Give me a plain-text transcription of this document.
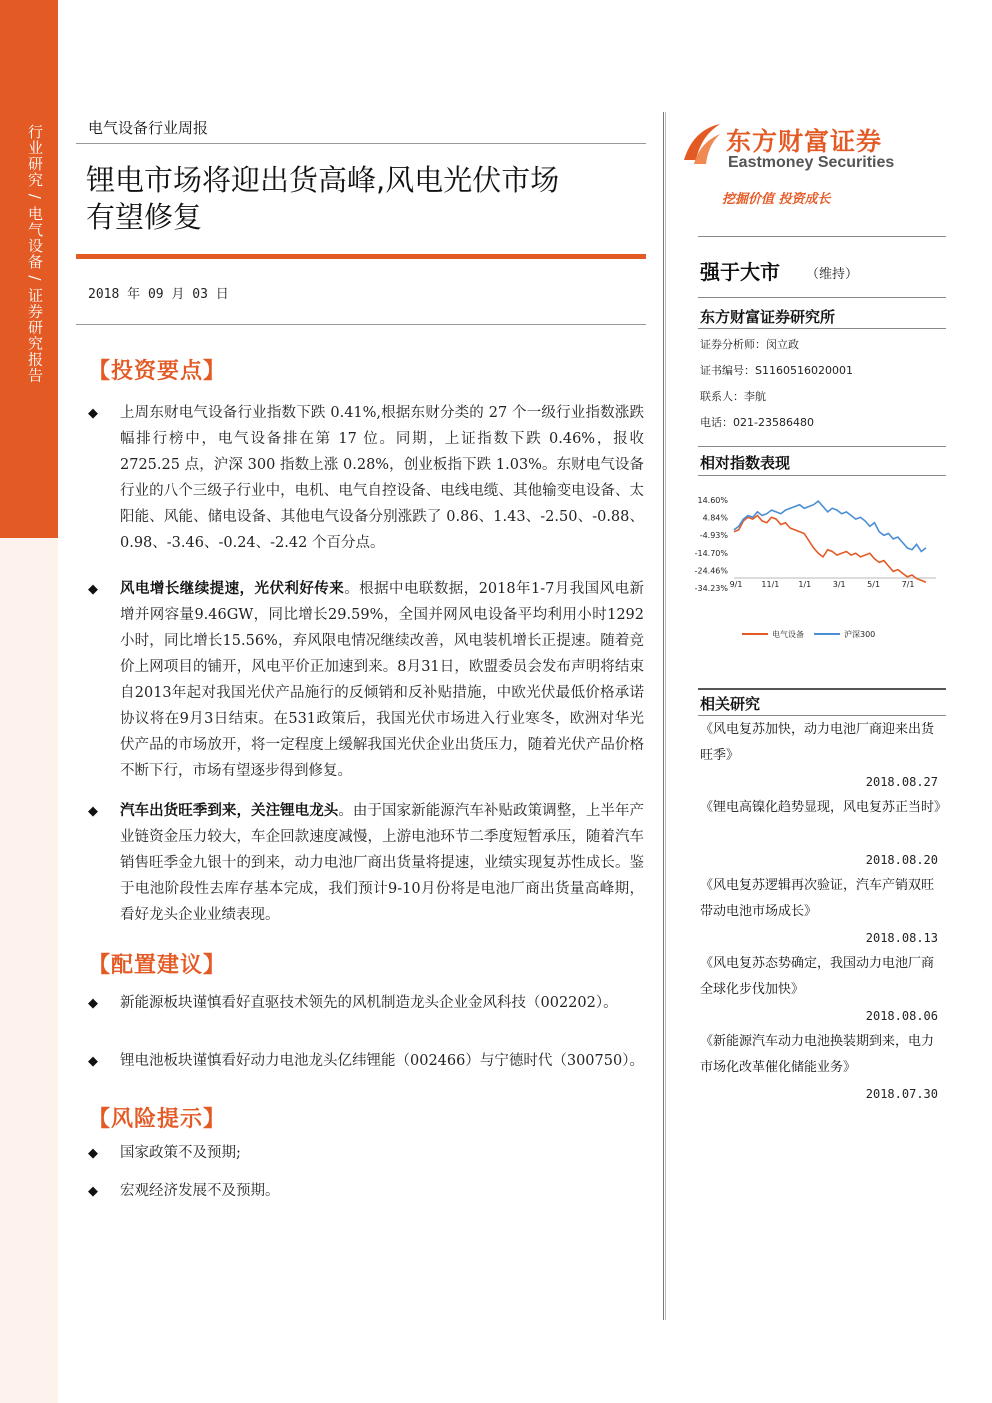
行业研究 / 电气设备 / 证券研究报告	电气设备行业周报
锂电市场将迎出货高峰,风电光伏市场
有望修复
2018 年 09 月 03 日
【投资要点】
◆ 上周东财电气设备行业指数下跌 0.41%,根据东财分类的 27 个一级行业指数涨跌幅排行榜中，电气设备排在第 17 位。同期，上证指数下跌 0.46%，报收 2725.25 点，沪深 300 指数上涨 0.28%，创业板指下跌 1.03%。东财电气设备行业的八个三级子行业中，电机、电气自控设备、电线电缆、其他输变电设备、太阳能、风能、储电设备、其他电气设备分别涨跌了 0.86、1.43、-2.50、-0.88、0.98、-3.46、-0.24、-2.42 个百分点。
◆ 风电增长继续提速，光伏利好传来。根据中电联数据，2018年1-7月我国风电新增并网容量9.46GW，同比增长29.59%，全国并网风电设备平均利用小时1292小时，同比增长15.56%，弃风限电情况继续改善，风电装机增长正提速。随着竞价上网项目的铺开，风电平价正加速到来。8月31日，欧盟委员会发布声明将结束自2013年起对我国光伏产品施行的反倾销和反补贴措施，中欧光伏最低价格承诺协议将在9月3日结束。在531政策后，我国光伏市场进入行业寒冬，欧洲对华光伏产品的市场放开，将一定程度上缓解我国光伏企业出货压力，随着光伏产品价格不断下行，市场有望逐步得到修复。
◆ 汽车出货旺季到来，关注锂电龙头。由于国家新能源汽车补贴政策调整，上半年产业链资金压力较大，车企回款速度减慢，上游电池环节二季度短暂承压，随着汽车销售旺季金九银十的到来，动力电池厂商出货量将提速，业绩实现复苏性成长。鉴于电池阶段性去库存基本完成，我们预计9-10月份将是电池厂商出货量高峰期，看好龙头企业业绩表现。
【配置建议】
◆ 新能源板块谨慎看好直驱技术领先的风机制造龙头企业金风科技（002202）。
◆ 锂电池板块谨慎看好动力电池龙头亿纬锂能（002466）与宁德时代（300750）。
【风险提示】
◆ 国家政策不及预期;
◆ 宏观经济发展不及预期。
东方财富证券
Eastmoney Securities
挖掘价值 投资成长
强于大市 （维持）
东方财富证券研究所
证券分析师：闵立政
证书编号：S1160516020001
联系人：李航
电话：021-23586480
相对指数表现
14.60%
4.84%
-4.93%
-14.70%
-24.46%
-34.23% 9/1 11/1 1/1	3/1	5/1	7/1
电气设备	沪深300
相关研究
《风电复苏加快，动力电池厂商迎来出货旺季》
2018.08.27
《锂电高镍化趋势显现，风电复苏正当时》
2018.08.20
《风电复苏逻辑再次验证，汽车产销双旺带动电池市场成长》
2018.08.13
《风电复苏态势确定，我国动力电池厂商全球化步伐加快》
2018.08.06
《新能源汽车动力电池换装期到来，电力市场化改革催化储能业务》
2018.07.30
